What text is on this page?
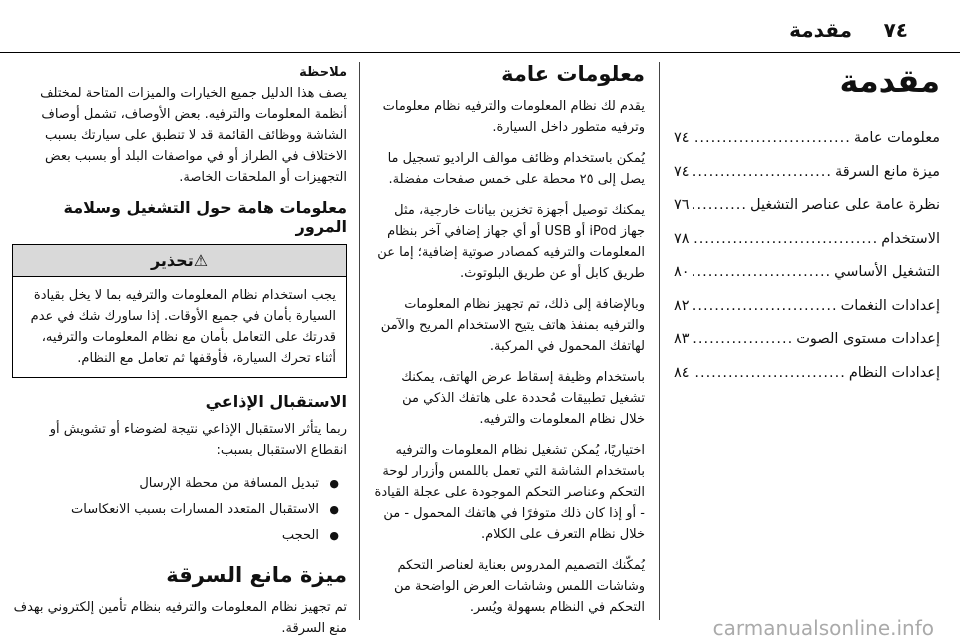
٧٤
مقدمة
مقدمة
معلومات عامة
.....
٧٤
ميزة مانع السرقة
.....
٧٤
نظرة عامة على عناصر التشغيل
.....
٧٦
الاستخدام
.....
٧٨
التشغيل الأساسي
.....
٨٠
إعدادات النغمات
.....
٨٢
إعدادات مستوى الصوت
.....
٨٣
إعدادات النظام
.....
٨٤
معلومات عامة

يقدم لك نظام المعلومات والترفيه نظام معلومات وترفيه متطور داخل السيارة.

يُمكن باستخدام وظائف موالف الراديو تسجيل ما يصل إلى ٢٥ محطة على خمس صفحات مفضلة.

يمكنك توصيل أجهزة تخزين بيانات خارجية، مثل جهاز iPod أو USB أو أي جهاز إضافي آخر بنظام المعلومات والترفيه كمصادر صوتية إضافية؛ إما عن طريق كابل أو عن طريق البلوتوث.

وبالإضافة إلى ذلك، تم تجهيز نظام المعلومات والترفيه بمنفذ هاتف يتيح الاستخدام المريح والآمن لهاتفك المحمول في المركبة.

باستخدام وظيفة إسقاط عرض الهاتف، يمكنك تشغيل تطبيقات مُحددة على هاتفك الذكي من خلال نظام المعلومات والترفيه.

اختياريًا، يُمكن تشغيل نظام المعلومات والترفيه باستخدام الشاشة التي تعمل باللمس وأزرار لوحة التحكم وعناصر التحكم الموجودة على عجلة القيادة - أو إذا كان ذلك متوفرًا في هاتفك المحمول - من خلال نظام التعرف على الكلام.

يُمكّنك التصميم المدروس بعناية لعناصر التحكم وشاشات اللمس وشاشات العرض الواضحة من التحكم في النظام بسهولة ويُسر.

ملاحظة

يصف هذا الدليل جميع الخيارات والميزات المتاحة لمختلف أنظمة المعلومات والترفيه. بعض الأوصاف، تشمل أوصاف الشاشة ووظائف القائمة قد لا تنطبق على سيارتك بسبب الاختلاف في الطراز أو في مواصفات البلد أو بسبب بعض التجهيزات أو الملحقات الخاصة.

معلومات هامة حول التشغيل وسلامة المرور
⚠تحذير
يجب استخدام نظام المعلومات والترفيه بما لا يخل بقيادة السيارة بأمان في جميع الأوقات. إذا ساورك شك في عدم قدرتك على التعامل بأمان مع نظام المعلومات والترفيه، أثناء تحرك السيارة، فأوقفها ثم تعامل مع النظام.
الاستقبال الإذاعي

ربما يتأثر الاستقبال الإذاعي نتيجة لضوضاء أو تشويش أو انقطاع الاستقبال بسبب:

● تبديل المسافة من محطة الإرسال
● الاستقبال المتعدد المسارات بسبب الانعكاسات
● الحجب
ميزة مانع السرقة

تم تجهيز نظام المعلومات والترفيه بنظام تأمين إلكتروني بهدف منع السرقة.	carmanualsonline.info
